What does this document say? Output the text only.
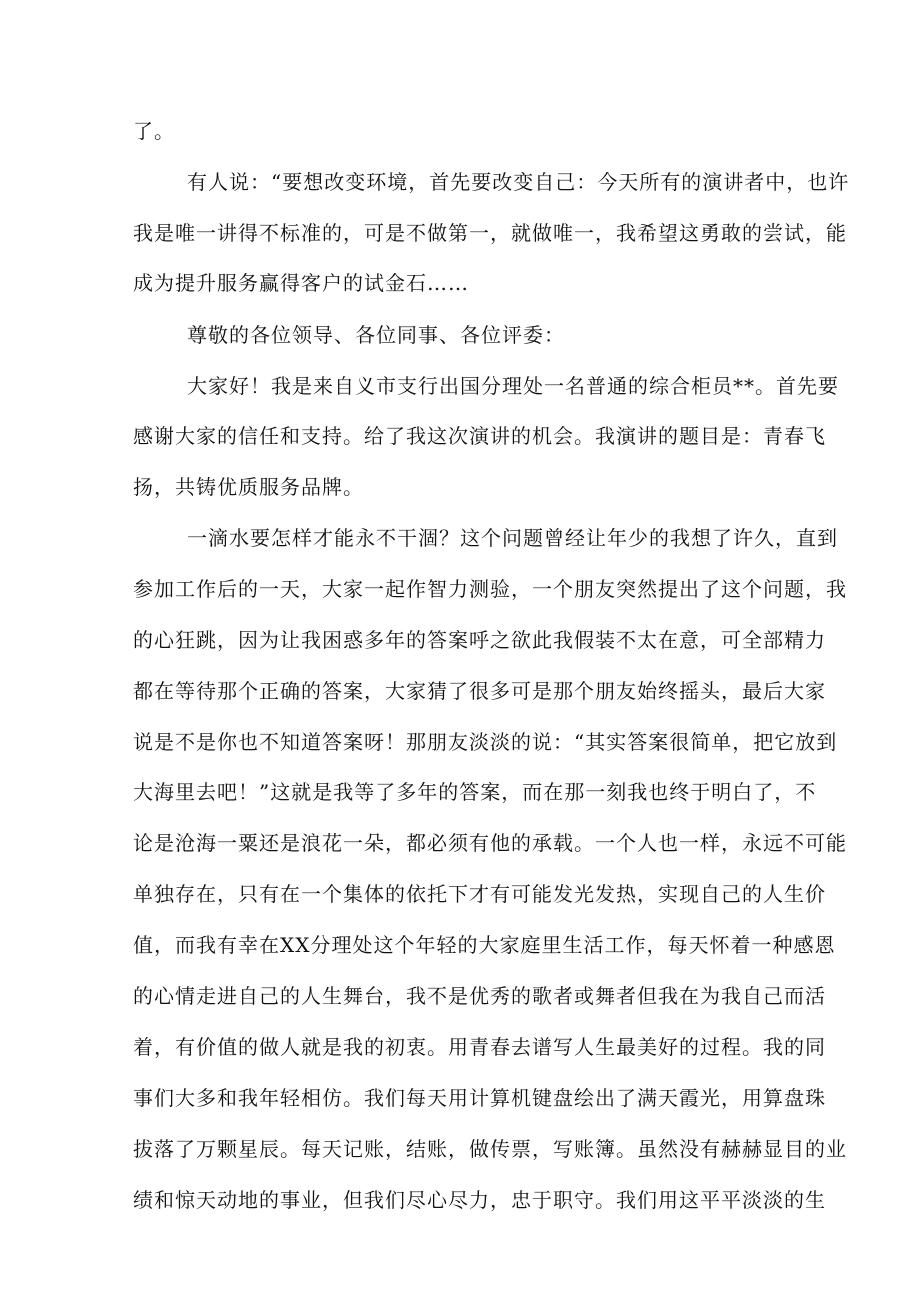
了。
有人说：“要想改变环境，首先要改变自己：今天所有的演讲者中，也许
我是唯一讲得不标准的，可是不做第一，就做唯一，我希望这勇敢的尝试，能
成为提升服务赢得客户的试金石……
尊敬的各位领导、各位同事、各位评委：
大家好！我是来自义市支行出国分理处一名普通的综合柜员**。首先要
感谢大家的信任和支持。给了我这次演讲的机会。我演讲的题目是：青春飞
扬，共铸优质服务品牌。
一滴水要怎样才能永不干涸？这个问题曾经让年少的我想了许久，直到
参加工作后的一天，大家一起作智力测验，一个朋友突然提出了这个问题，我
的心狂跳，因为让我困惑多年的答案呼之欲此我假装不太在意，可全部精力
都在等待那个正确的答案，大家猜了很多可是那个朋友始终摇头，最后大家
说是不是你也不知道答案呀！那朋友淡淡的说：“其实答案很简单，把它放到
大海里去吧！”这就是我等了多年的答案，而在那一刻我也终于明白了，不
论是沧海一粟还是浪花一朵，都必须有他的承载。一个人也一样，永远不可能
单独存在，只有在一个集体的依托下才有可能发光发热，实现自己的人生价
值，而我有幸在XX分理处这个年轻的大家庭里生活工作，每天怀着一种感恩
的心情走进自己的人生舞台，我不是优秀的歌者或舞者但我在为我自己而活
着，有价值的做人就是我的初衷。用青春去谱写人生最美好的过程。我的同
事们大多和我年轻相仿。我们每天用计算机键盘绘出了满天霞光，用算盘珠
拔落了万颗星辰。每天记账，结账，做传票，写账簿。虽然没有赫赫显目的业
绩和惊天动地的事业，但我们尽心尽力，忠于职守。我们用这平平淡淡的生
